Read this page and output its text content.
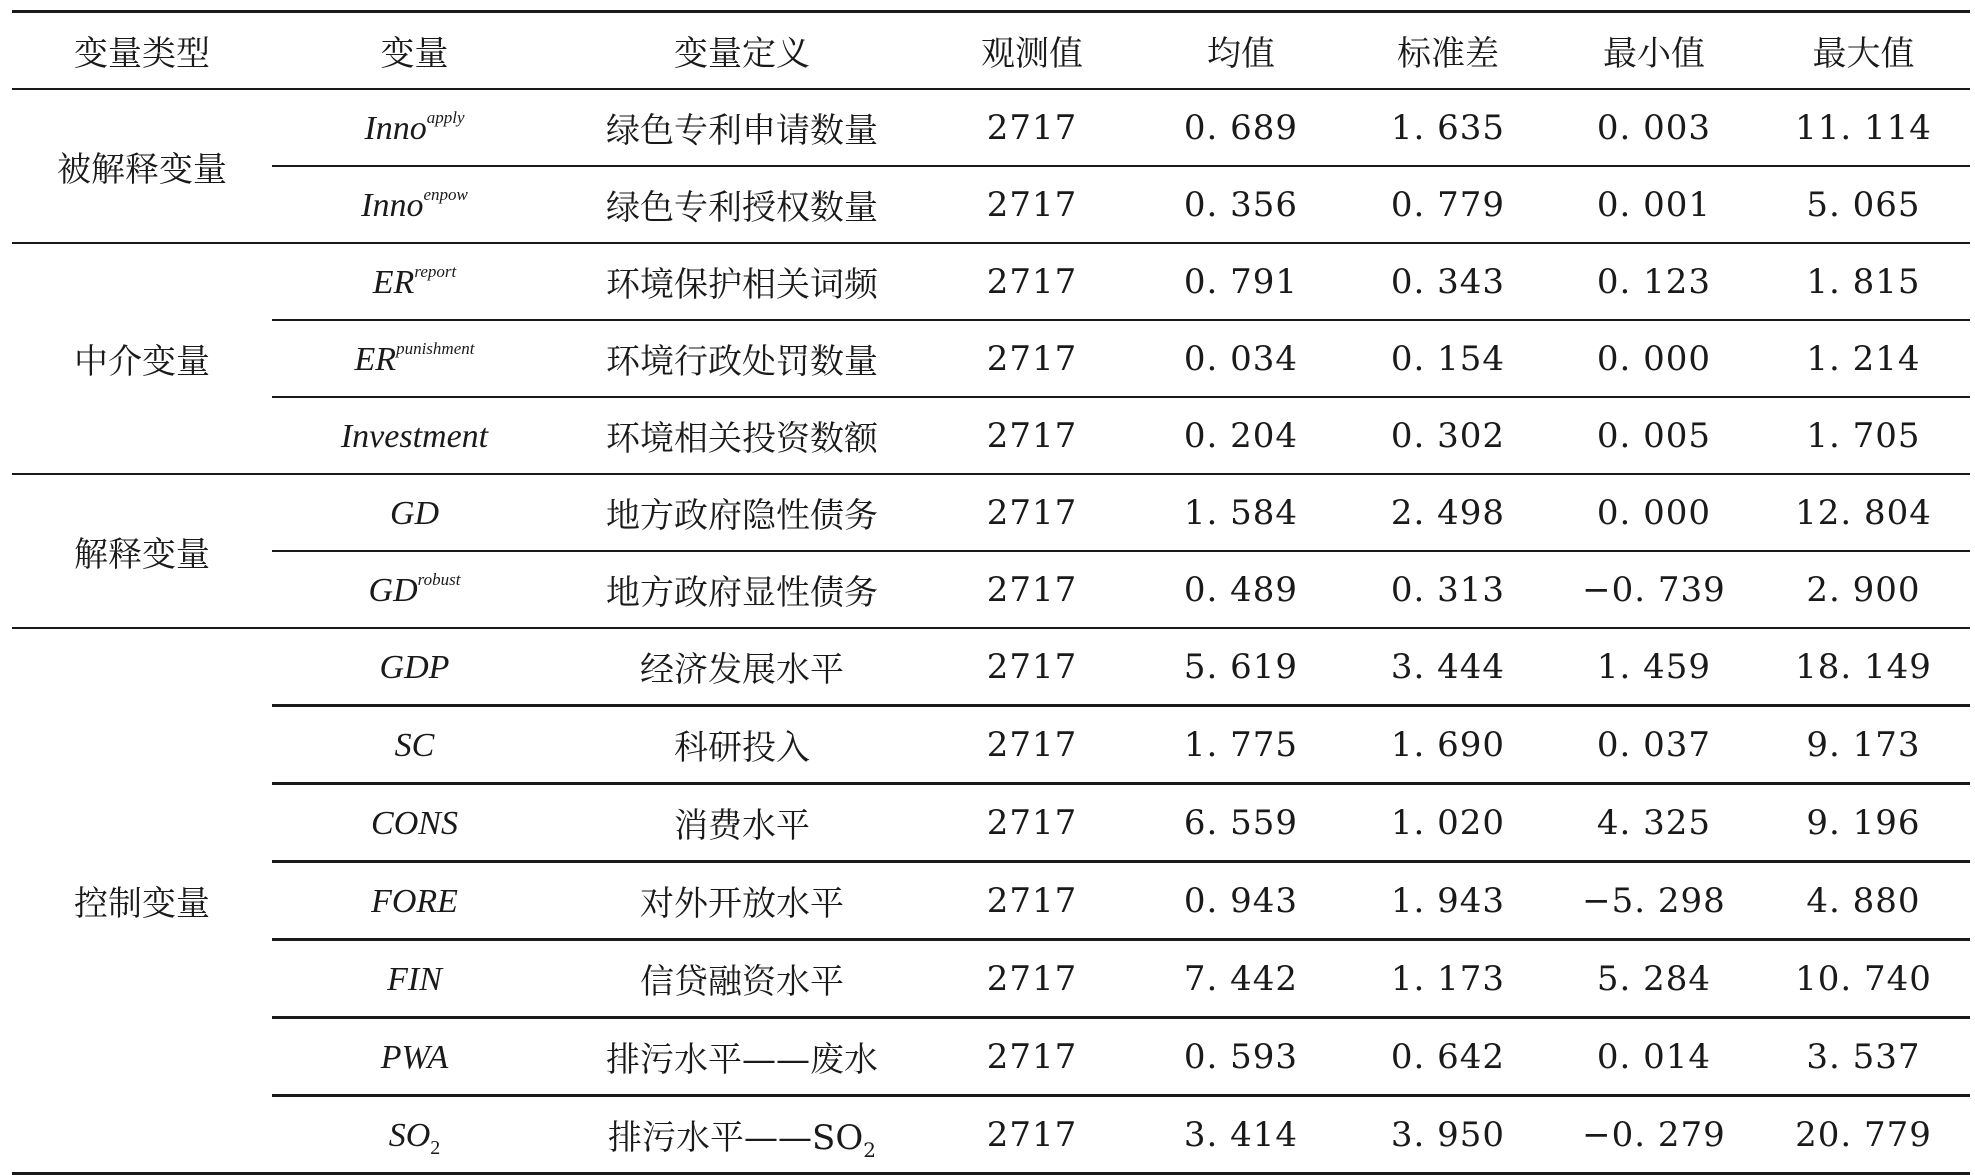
变量类型	变量	变量定义	观测值	均值	标准差	最小值	最大值
被解释变量	Inno$^{apply}$	绿色专利申请数量	2717	0. 689	1. 635	0. 003	11. 114
	Inno$^{enpow}$	绿色专利授权数量	2717	0. 356	0. 779	0. 001	5. 065
中介变量	$ER^{report}$	环境保护相关词频	2717	0. 791	0. 343	0. 123	1. 815
	$ER^{punishment}$	环境行政处罚数量	2717	0. 034	0. 154	0. 000	1. 214
	Investment	环境相关投资数额	2717	0. 204	0. 302	0. 005	1. 705
解释变量	GD	地方政府隐性债务	2717	1. 584	2. 498	0. 000	12. 804
	$GD^{robust}$	地方政府显性债务	2717	0. 489	0. 313	−0. 739	2. 900
控制变量	GDP	经济发展水平	2717	5. 619	3. 444	1. 459	18. 149
	SC	科研投入	2717	1. 775	1. 690	0. 037	9. 173
	CONS	消费水平	2717	6. 559	1. 020	4. 325	9. 196
	FORE	对外开放水平	2717	0. 943	1. 943	−5. 298	4. 880
	FIN	信贷融资水平	2717	7. 442	1. 173	5. 284	10. 740
	PWA	排污水平——废水	2717	0. 593	0. 642	0. 014	3. 537
	$SO_2$	排污水平$——SO_2$	2717	3. 414	3. 950	−0. 279	20. 779
